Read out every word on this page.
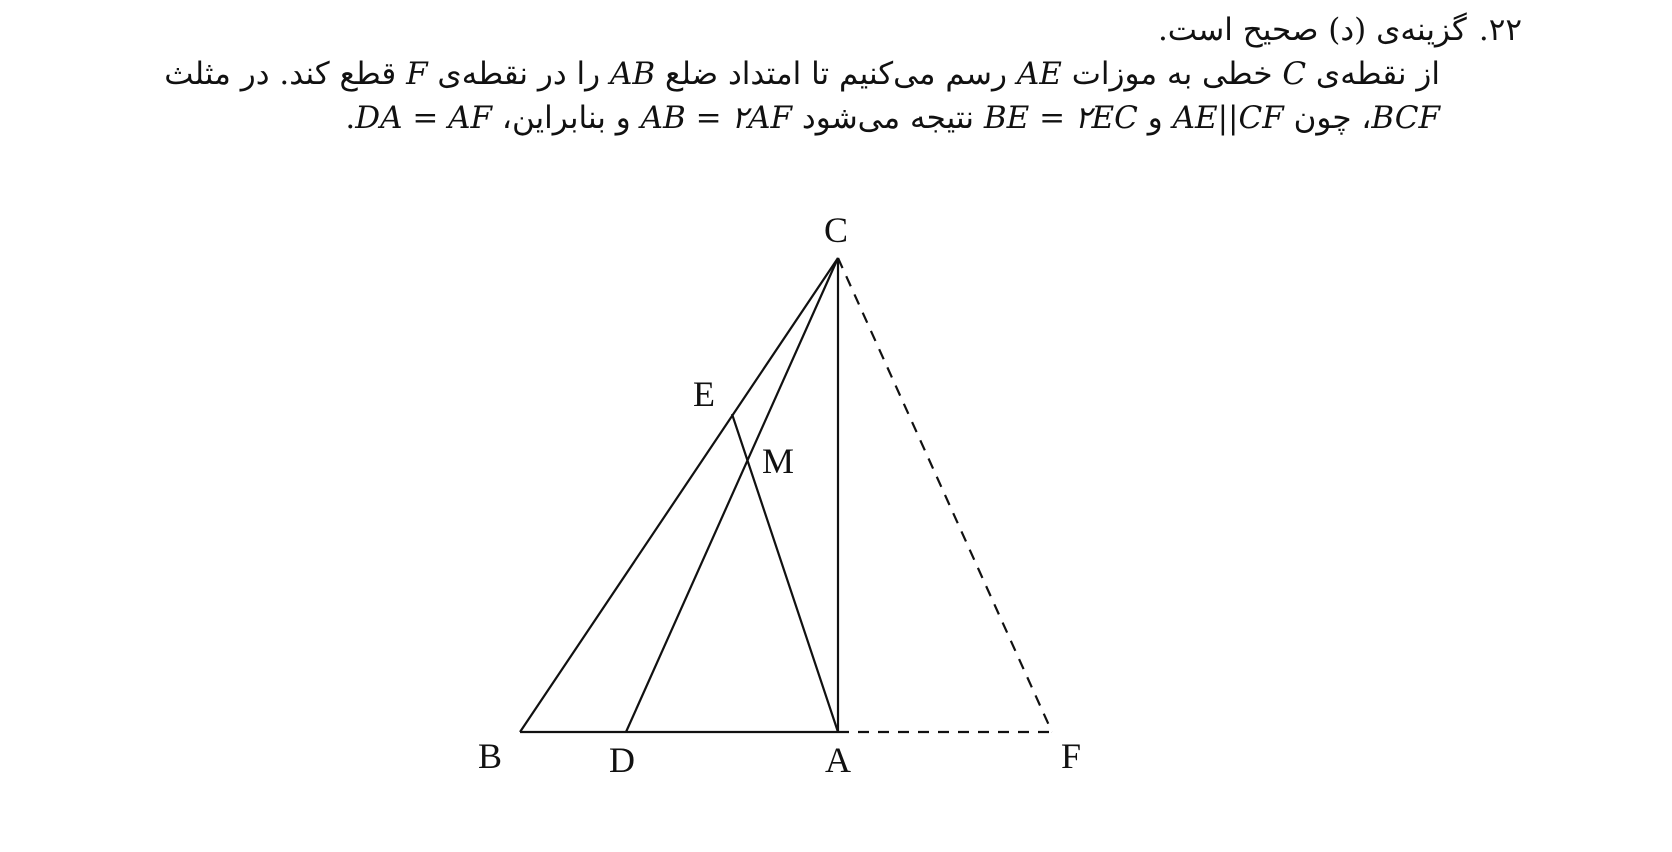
۲۲.گزینه‌ی (د) صحیح است.
از نقطه‌ی C خطی به موزات AE رسم می‌کنیم تا امتداد ضلع AB را در نقطه‌ی F قطع کند. در مثلث
BCF، چون AE||CF و BE = ۲EC نتیجه می‌شود AB = ۲AF و بنابراین، DA = AF.
C
E
M
B	D	A	F
